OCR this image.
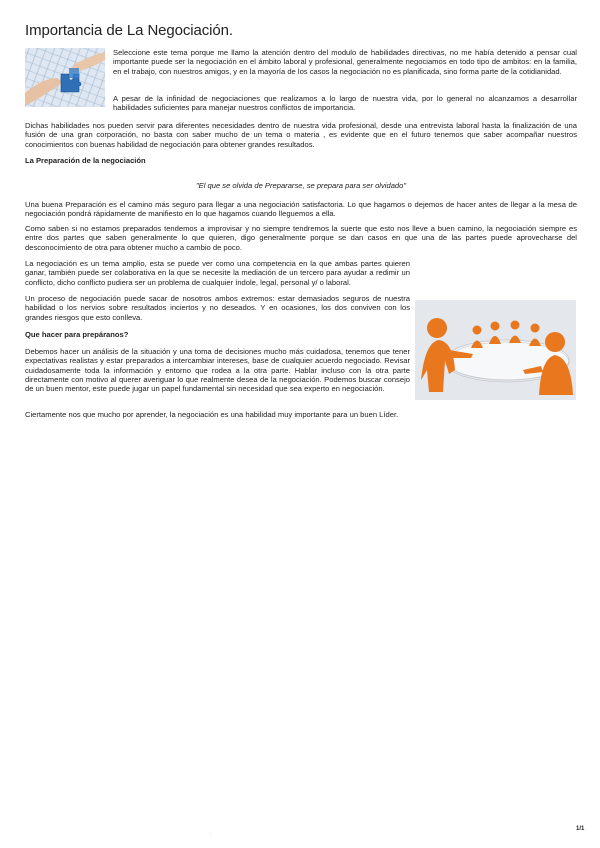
Importancia de La Negociación.

Seleccione este tema porque me llamo la atención dentro del modulo de habilidades directivas, no me había detenido a pensar cual importante puede ser la negociación en el ámbito laboral y profesional, generalmente negociamos en todo tipo de ambitos: en la familia, en el trabajo, con nuestros amigos, y en la mayoría de los casos la negociación no es planificada, sino forma parte de la cotidianidad.

A pesar de la infinidad de negociaciones que realizamos a lo largo de nuestra vida, por lo general no alcanzamos a desarrollar habilidades suficientes para manejar nuestros conflictos de importancia.

Dichas habilidades nos pueden servir para diferentes necesidades dentro de nuestra vida profesional, desde una entrevista laboral hasta la finalización de una fusión de una gran corporación, no basta con saber mucho de un tema o materia , es evidente que en el futuro tenemos que saber acompañar nuestros conocimientos con buenas habilidad de negociación para obtener grandes resultados.

La Preparación de la negociación

"El que se olvida de Prepararse, se prepara para ser olvidado"

Una buena Preparación es el camino más seguro para llegar a una negociación satisfactoria. Lo que hagamos o dejemos de hacer antes de llegar a la mesa de negociación pondrá rápidamente de manifiesto en lo que hagamos cuando lleguemos a ella.

Como saben si no estamos preparados tendemos a improvisar y no siempre tendremos la suerte que esto nos lleve a buen camino, la negociación siempre es entre dos partes que saben generalmente lo que quieren, digo generalmente porque se dan casos en que una de las partes puede aprovecharse del desconocimiento de otra para obtener mucho a cambio de poco.

La negociación es un tema amplio, esta se puede ver como una competencia en la que ambas partes quieren ganar, también puede ser colaborativa en la que se necesite la mediación de un tercero para ayudar a redimir un conflicto, dicho conflicto pudiera ser un problema de cualquier índole, legal, personal y/ o laboral.

Un proceso de negociación puede sacar de nosotros ambos extremos: estar demasiados seguros de nuestra habilidad o los nervios sobre resultados inciertos y no deseados. Y en ocasiones, los dos conviven con los grandes riesgos que esto conlleva.

Que hacer para prepáranos?

Debemos hacer un análisis de la situación y una toma de decisiones mucho más cuidadosa, tenemos que tener expectativas realistas y estar preparados a intercambiar intereses, base de cualquier acuerdo negociado. Revisar cuidadosamente toda la información y entorno que rodea a la otra parte. Hablar incluso con la otra parte directamente con motivo al querer averiguar lo que realmente desea de la negociación. Podemos buscar consejo de un buen mentor, este puede jugar un papel fundamental sin necesidad que sea experto en negociación.

Ciertamente nos que mucho por aprender, la negociación es una habilidad muy importante para un buen Líder.

1/1
.
